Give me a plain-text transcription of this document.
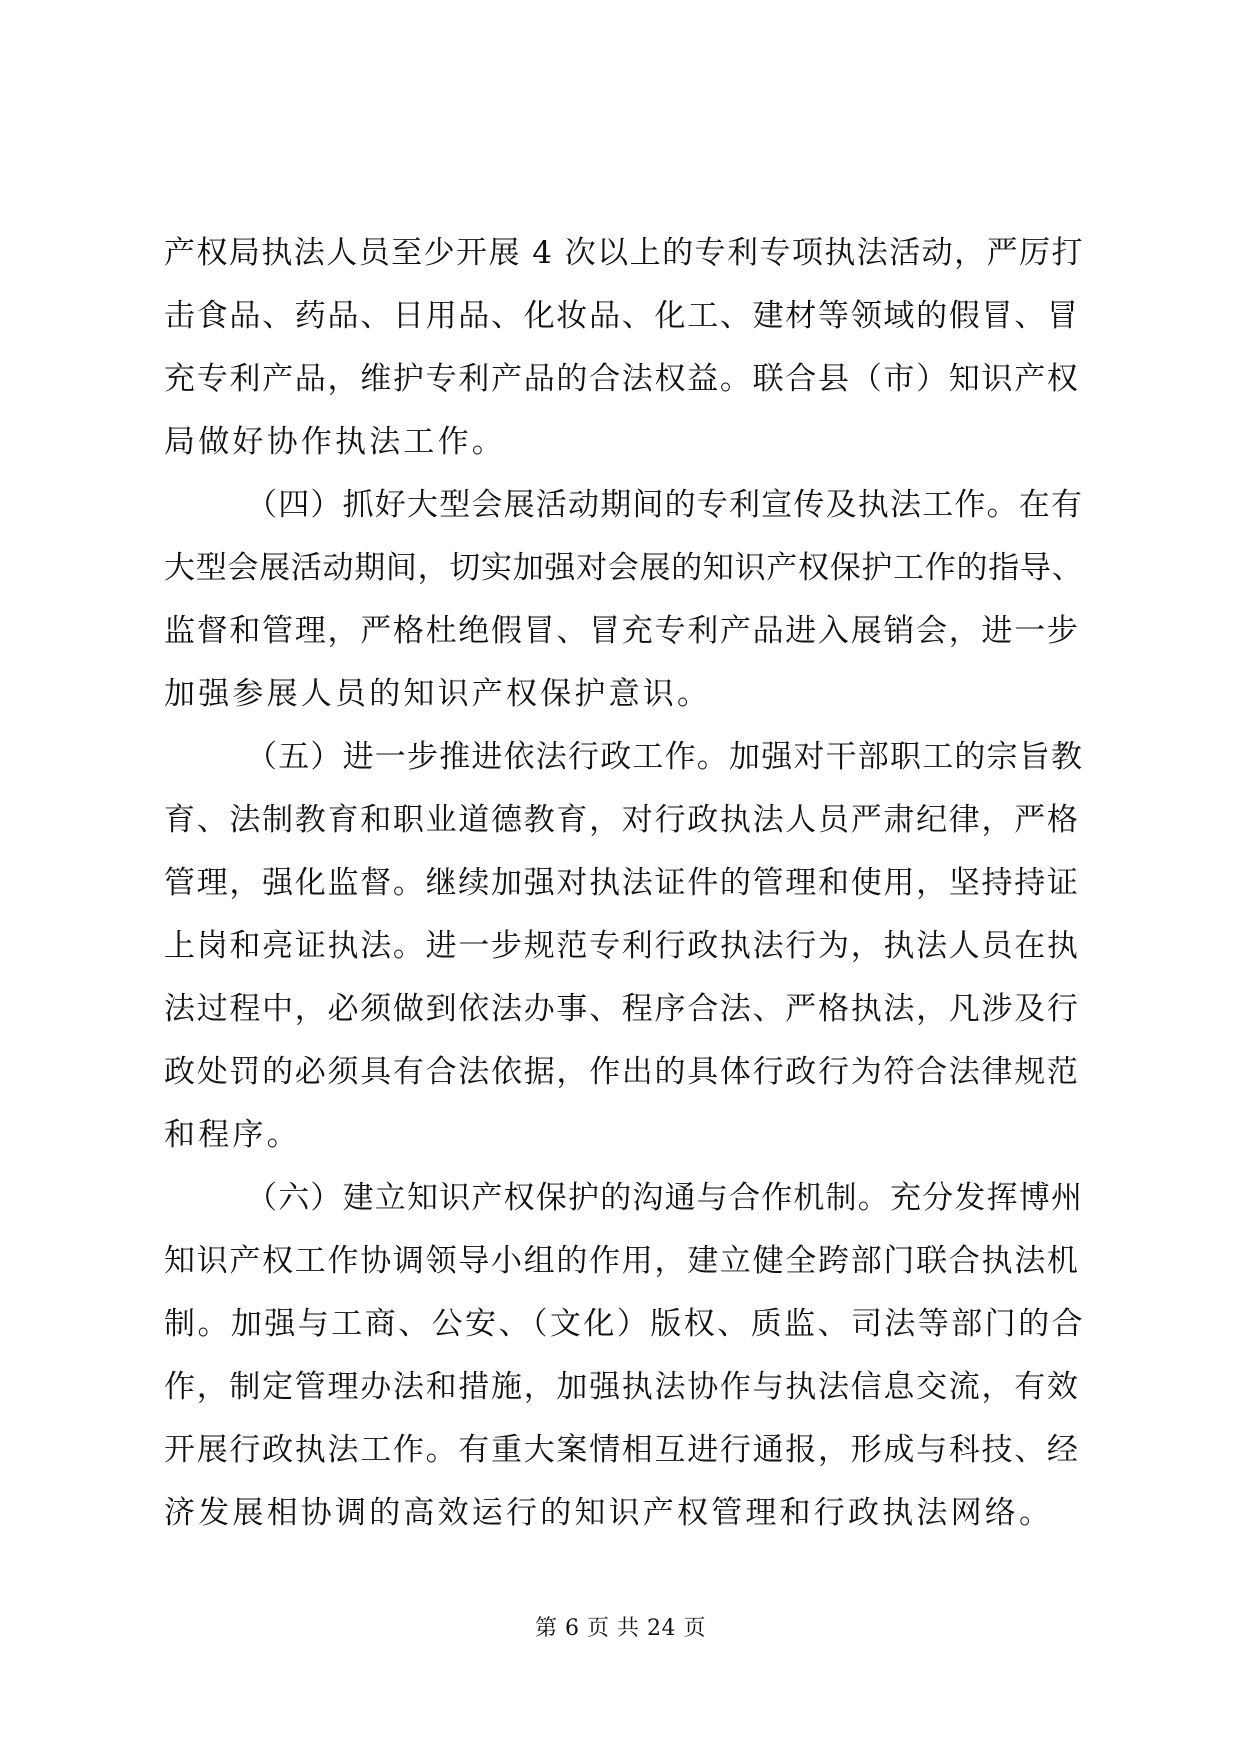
产权局执法人员至少开展 4 次以上的专利专项执法活动，严厉打
击食品、药品、日用品、化妆品、化工、建材等领域的假冒、冒
充专利产品，维护专利产品的合法权益。联合县（市）知识产权
局做好协作执法工作。
（四）抓好大型会展活动期间的专利宣传及执法工作。在有
大型会展活动期间，切实加强对会展的知识产权保护工作的指导、
监督和管理，严格杜绝假冒、冒充专利产品进入展销会，进一步
加强参展人员的知识产权保护意识。
（五）进一步推进依法行政工作。加强对干部职工的宗旨教
育、法制教育和职业道德教育，对行政执法人员严肃纪律，严格
管理，强化监督。继续加强对执法证件的管理和使用，坚持持证
上岗和亮证执法。进一步规范专利行政执法行为，执法人员在执
法过程中，必须做到依法办事、程序合法、严格执法，凡涉及行
政处罚的必须具有合法依据，作出的具体行政行为符合法律规范
和程序。
（六）建立知识产权保护的沟通与合作机制。充分发挥博州
知识产权工作协调领导小组的作用，建立健全跨部门联合执法机
制。加强与工商、公安、（文化）版权、质监、司法等部门的合
作，制定管理办法和措施，加强执法协作与执法信息交流，有效
开展行政执法工作。有重大案情相互进行通报，形成与科技、经
济发展相协调的高效运行的知识产权管理和行政执法网络。
第 6 页 共 24 页
